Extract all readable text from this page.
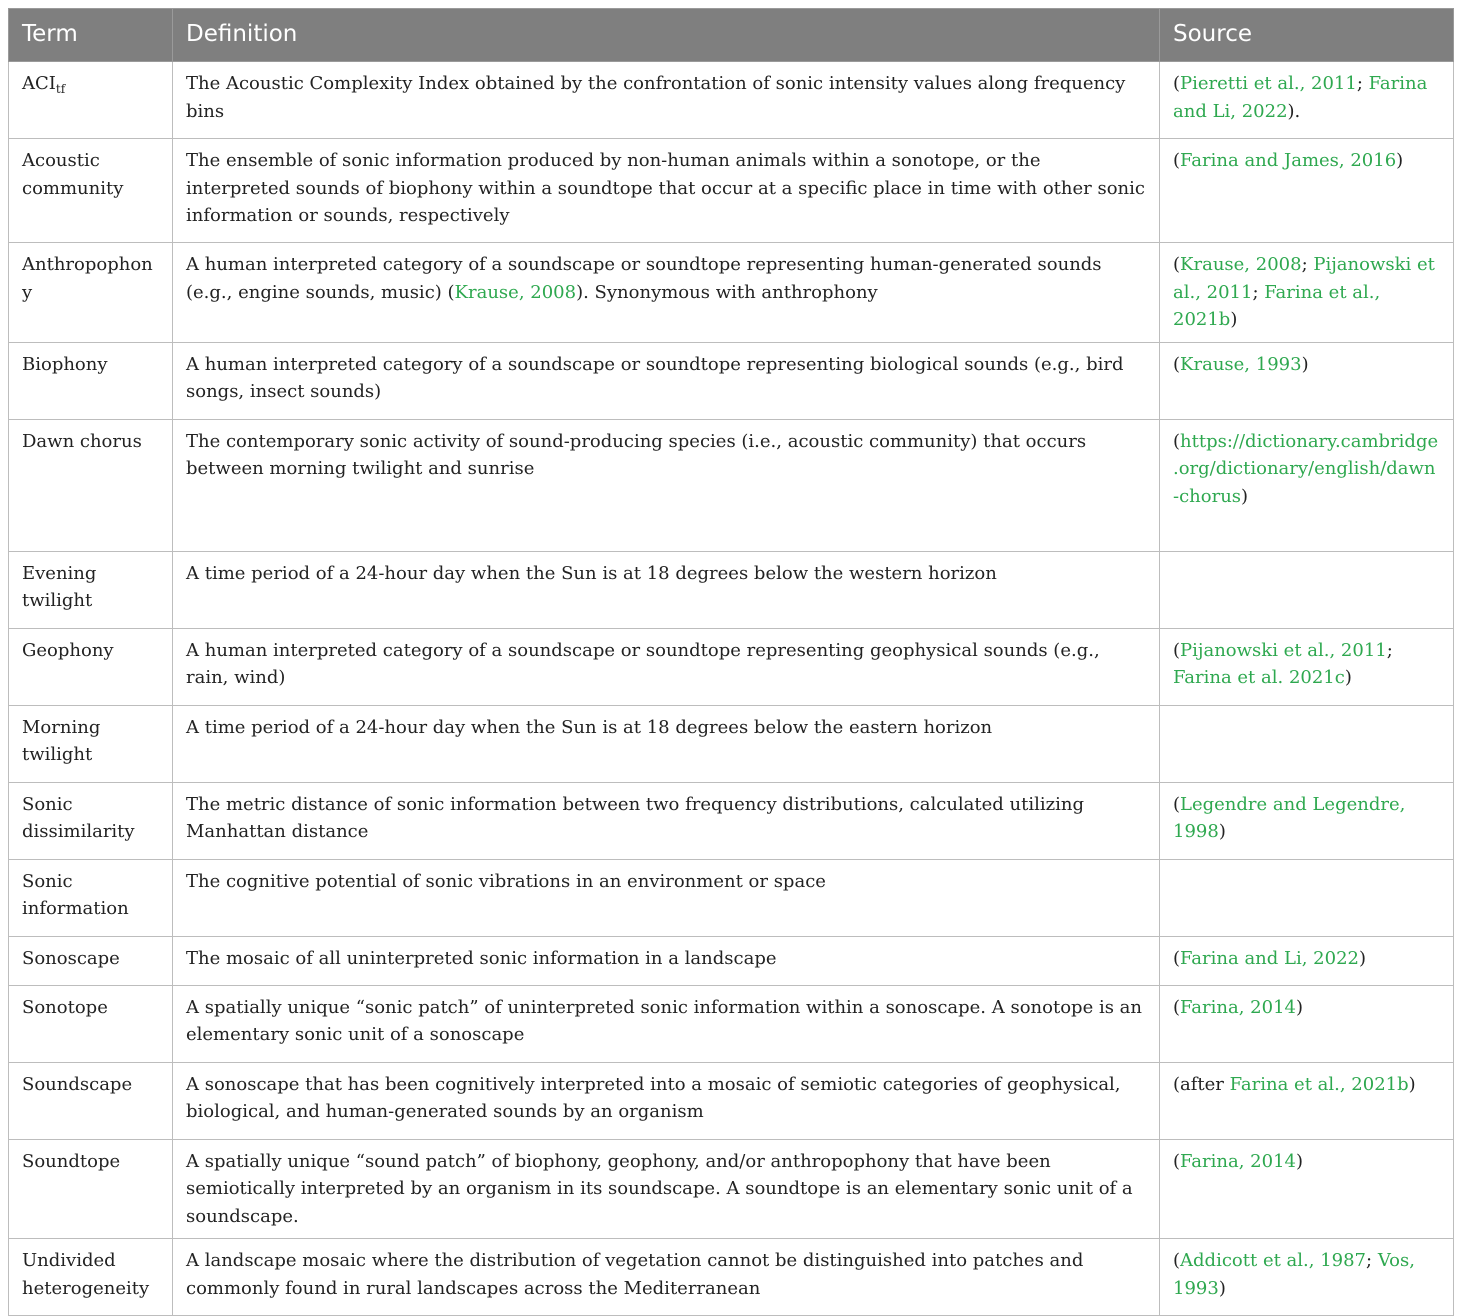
Term	Definition	Source
$ACI_{tf}$	The Acoustic Complexity Index obtained by the confrontation of sonic intensity values along frequency bins	(Pieretti et al., 2011; Farina and Li, 2022).
Acoustic community	The ensemble of sonic information produced by non-human animals within a sonotope, or the interpreted sounds of biophony within a soundtope that occur at a specific place in time with other sonic information or sounds, respectively	(Farina and James, 2016)
Anthropophony	A human interpreted category of a soundscape or soundtope representing human-generated sounds (e.g., engine sounds, music) (Krause, 2008). Synonymous with anthrophony	(Krause, 2008; Pijanowski et al., 2011; Farina et al., 2021b)
Biophony	A human interpreted category of a soundscape or soundtope representing biological sounds (e.g., bird songs, insect sounds)	(Krause, 1993)
Dawn chorus	The contemporary sonic activity of sound-producing species (i.e., acoustic community) that occurs between morning twilight and sunrise	(https://dictionary.cambridge.org/dictionary/english/dawn-chorus)
Evening twilight	A time period of a 24-hour day when the Sun is at 18 degrees below the western horizon	
Geophony	A human interpreted category of a soundscape or soundtope representing geophysical sounds (e.g., rain, wind)	(Pijanowski et al., 2011; Farina et al. 2021c)
Morning twilight	A time period of a 24-hour day when the Sun is at 18 degrees below the eastern horizon	
Sonic dissimilarity	The metric distance of sonic information between two frequency distributions, calculated utilizing Manhattan distance	(Legendre and Legendre, 1998)
Sonic information	The cognitive potential of sonic vibrations in an environment or space	
Sonoscape	The mosaic of all uninterpreted sonic information in a landscape	(Farina and Li, 2022)
Sonotope	A spatially unique “sonic patch” of uninterpreted sonic information within a sonoscape. A sonotope is an elementary sonic unit of a sonoscape	(Farina, 2014)
Soundscape	A sonoscape that has been cognitively interpreted into a mosaic of semiotic categories of geophysical, biological, and human-generated sounds by an organism	(after Farina et al., 2021b)
Soundtope	A spatially unique “sound patch” of biophony, geophony, and/or anthropophony that have been semiotically interpreted by an organism in its soundscape. A soundtope is an elementary sonic unit of a soundscape.	(Farina, 2014)
Undivided heterogeneity	A landscape mosaic where the distribution of vegetation cannot be distinguished into patches and commonly found in rural landscapes across the Mediterranean	(Addicott et al., 1987; Vos, 1993)
